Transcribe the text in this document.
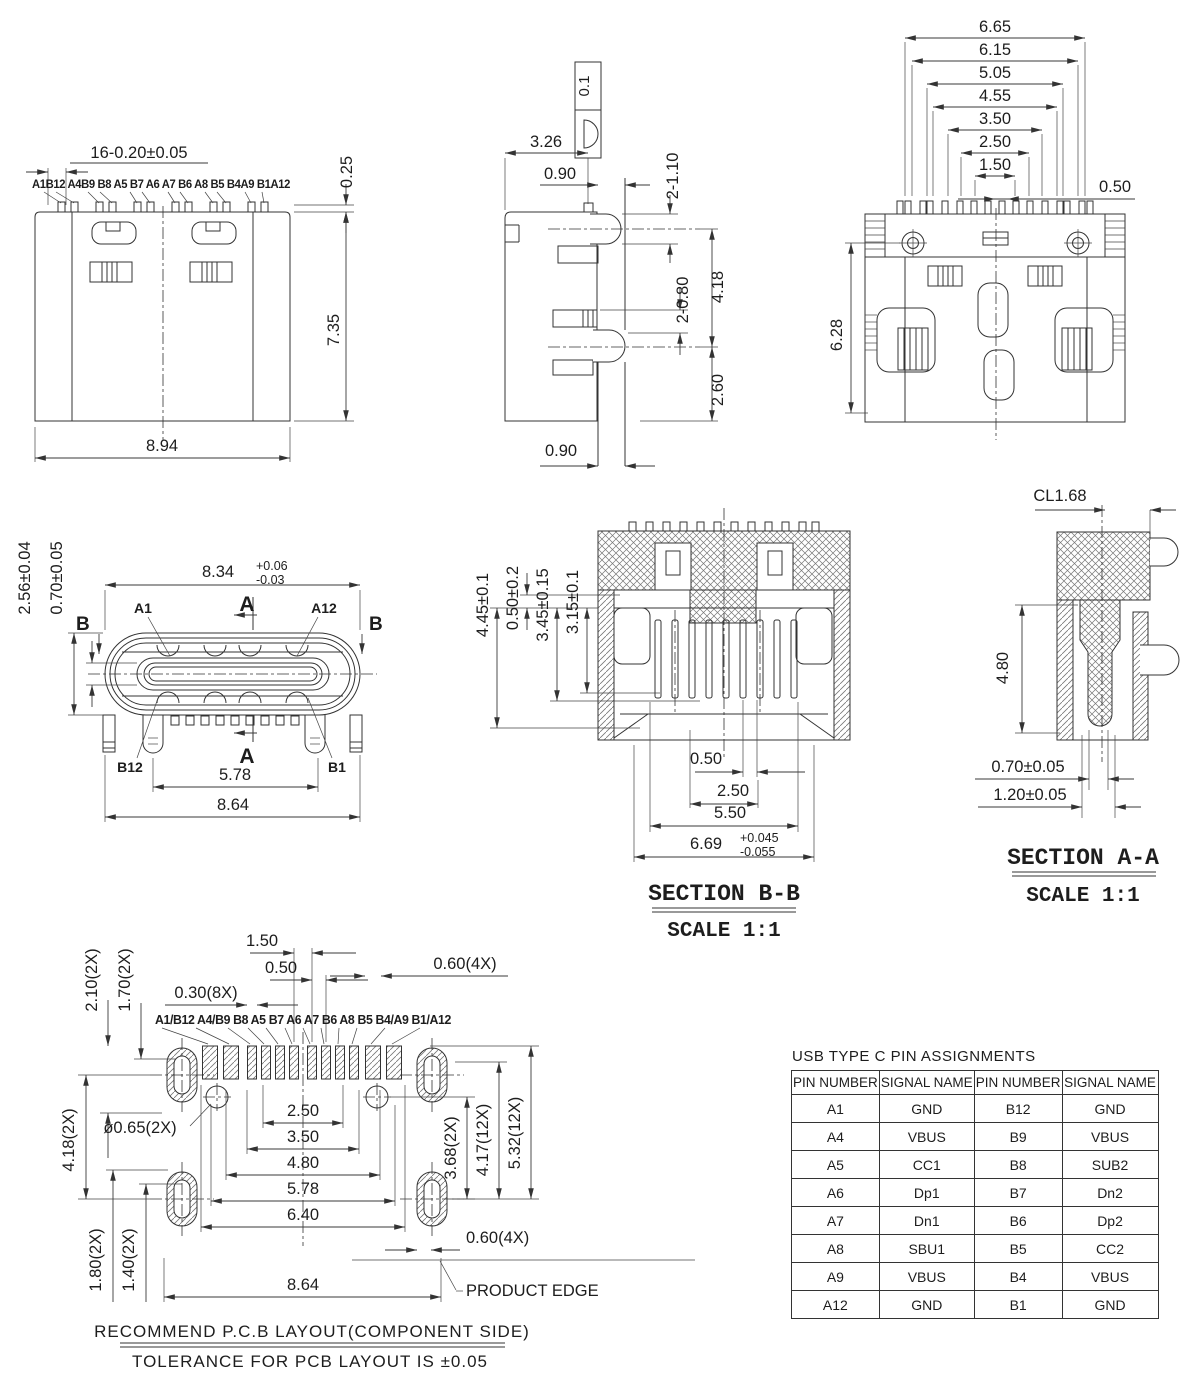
16-0.20±0.05
A1B12 A4B9 B8 A5 B7 A6 A7 B6 A8 B5 B4A9 B1A12	0.25
7.35
8.94
0.1
3.26
0.90	2-1.10
2-0.80 4.18
2.60
0.90
6.65
6.15
5.05
4.55
3.50
2.50
1.50
0.50
6.28
8.34 +0.06
-0.03
A
A
B	B
A1	A12
B12	B1
5.78
8.64
2.56±0.04 0.70±0.05	4.45±0.1 0.50±0.2 3.45±0.15 3.15±0.1
0.50
2.50
5.50
6.69 +0.045
-0.055
SECTION B-B
SCALE 1:1
CL1.68
4.80
0.70±0.05
1.20±0.05
SECTION A-A
SCALE 1:1
1.50
0.50
0.30(8X)
0.60(4X)
A1/B12 A4/B9 B8 A5 B7 A6 A7 B6 A8 B5 B4/A9 B1/A12
2.10(2X) 1.70(2X)
4.18(2X) ø0.65(2X)
1.80(2X) 1.40(2X)
2.50
3.50
4.80
5.78
6.40
8.64
3.68(2X) 4.17(12X) 5.32(12X)
0.60(4X)
PRODUCT EDGE
RECOMMEND P.C.B LAYOUT(COMPONENT SIDE)
TOLERANCE FOR PCB LAYOUT IS ±0.05
USB TYPE C PIN ASSIGNMENTS
PIN NUMBER	SIGNAL NAME	PIN NUMBER	SIGNAL NAME
A1	GND	B12	GND
A4	VBUS	B9	VBUS
A5	CC1	B8	SUB2
A6	Dp1	B7	Dn2
A7	Dn1	B6	Dp2
A8	SBU1	B5	CC2
A9	VBUS	B4	VBUS
A12	GND	B1	GND
